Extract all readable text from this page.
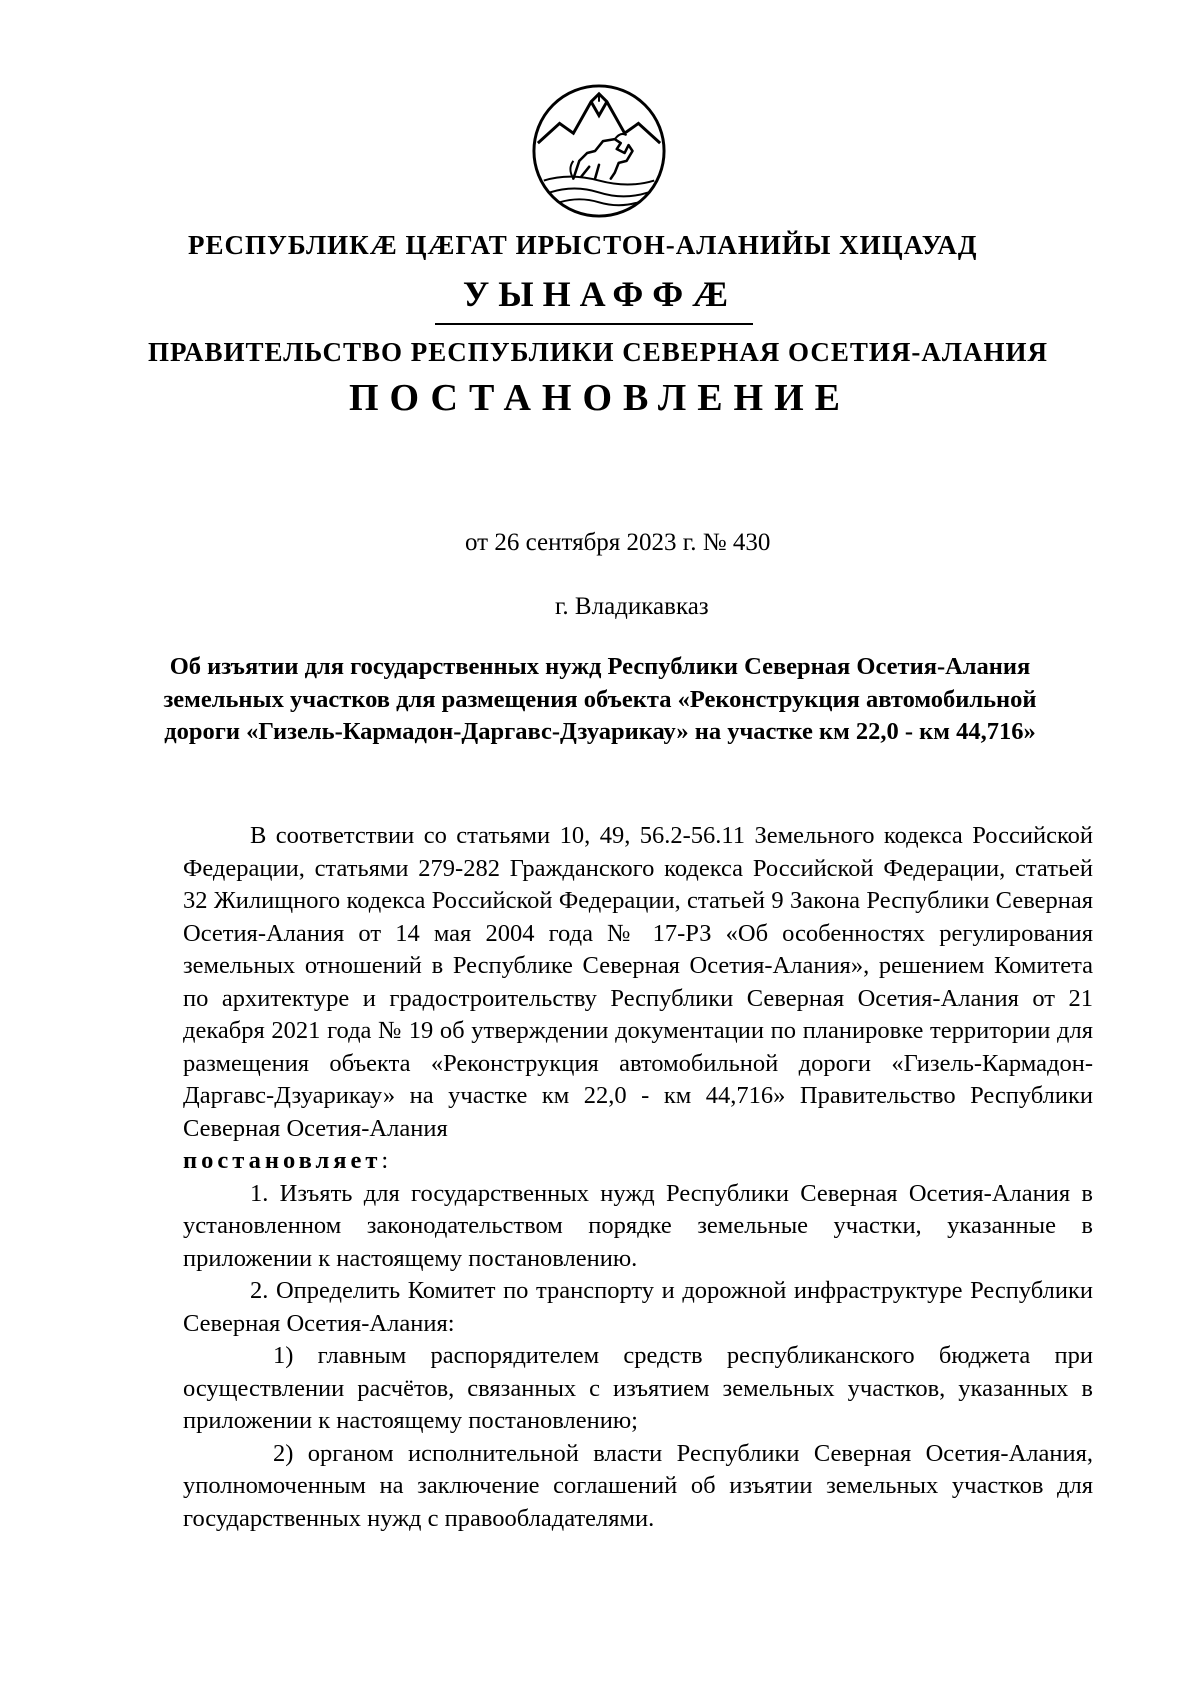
РЕСПУБЛИКӔ ЦӔГАТ ИРЫСТОН-АЛАНИЙЫ ХИЦАУАД
УЫНАФФӔ
ПРАВИТЕЛЬСТВО РЕСПУБЛИКИ СЕВЕРНАЯ ОСЕТИЯ-АЛАНИЯ
ПОСТАНОВЛЕНИЕ
от 26 сентября 2023 г. № 430
г. Владикавказ
Об изъятии для государственных нужд Республики Северная Осетия-Алания земельных участков для размещения объекта «Реконструкция автомобильной дороги «Гизель-Кармадон-Даргавс-Дзуарикау» на участке км 22,0 - км 44,716»

В соответствии со статьями 10, 49, 56.2-56.11 Земельного кодекса Российской Федерации, статьями 279-282 Гражданского кодекса Российской Федерации, статьей 32 Жилищного кодекса Российской Федерации, статьей 9 Закона Республики Северная Осетия-Алания от 14 мая 2004 года № 17-РЗ «Об особенностях регулирования земельных отношений в Республике Северная Осетия-Алания», решением Комитета по архитектуре и градостроительству Республики Северная Осетия-Алания от 21 декабря 2021 года № 19 об утверждении документации по планировке территории для размещения объекта «Реконструкция автомобильной дороги «Гизель-Кармадон-Даргавс-Дзуарикау» на участке км 22,0 - км 44,716» Правительство Республики Северная Осетия-Алания

постановляет:

1. Изъять для государственных нужд Республики Северная Осетия-Алания в установленном законодательством порядке земельные участки, указанные в приложении к настоящему постановлению.

2. Определить Комитет по транспорту и дорожной инфраструктуре Республики Северная Осетия-Алания:

1) главным распорядителем средств республиканского бюджета при осуществлении расчётов, связанных с изъятием земельных участков, указанных в приложении к настоящему постановлению;

2) органом исполнительной власти Республики Северная Осетия-Алания, уполномоченным на заключение соглашений об изъятии земельных участков для государственных нужд с правообладателями.
